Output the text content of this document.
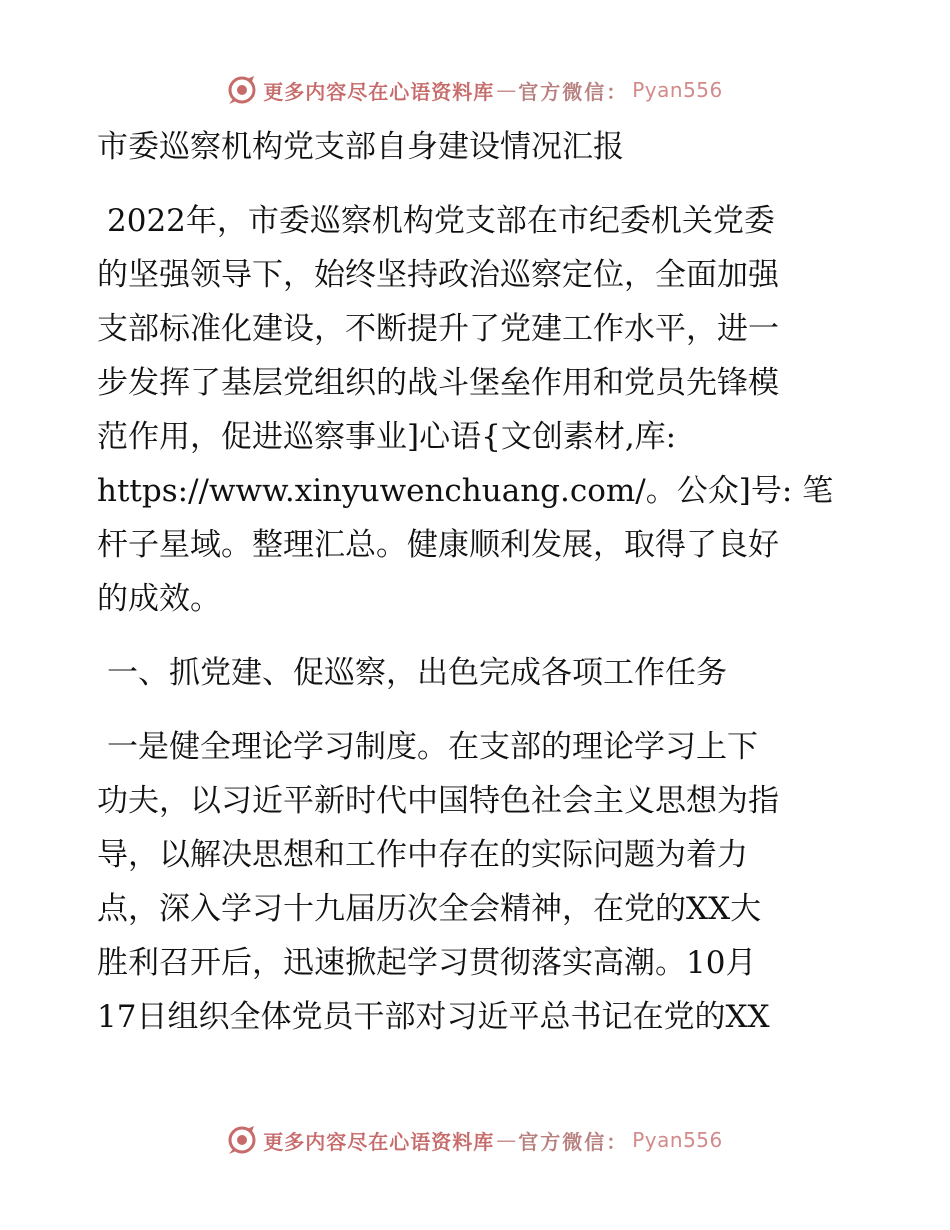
更多内容尽在心语资料库 — 官方微信： Pyan556
市委巡察机构党支部自身建设情况汇报
2022年，市委巡察机构党支部在市纪委机关党委
的坚强领导下，始终坚持政治巡察定位，全面加强
支部标准化建设，不断提升了党建工作水平，进一
步发挥了基层党组织的战斗堡垒作用和党员先锋模
范作用，促进巡察事业]心语{文创素材,库:
https://www.xinyuwenchuang.com/。公众]号: 笔
杆子星域。整理汇总。健康顺利发展，取得了良好
的成效。
一、抓党建、促巡察，出色完成各项工作任务
一是健全理论学习制度。在支部的理论学习上下
功夫，以习近平新时代中国特色社会主义思想为指
导，以解决思想和工作中存在的实际问题为着力
点，深入学习十九届历次全会精神，在党的XX大
胜利召开后，迅速掀起学习贯彻落实高潮。10月
17日组织全体党员干部对习近平总书记在党的XX
更多内容尽在心语资料库 — 官方微信： Pyan556
